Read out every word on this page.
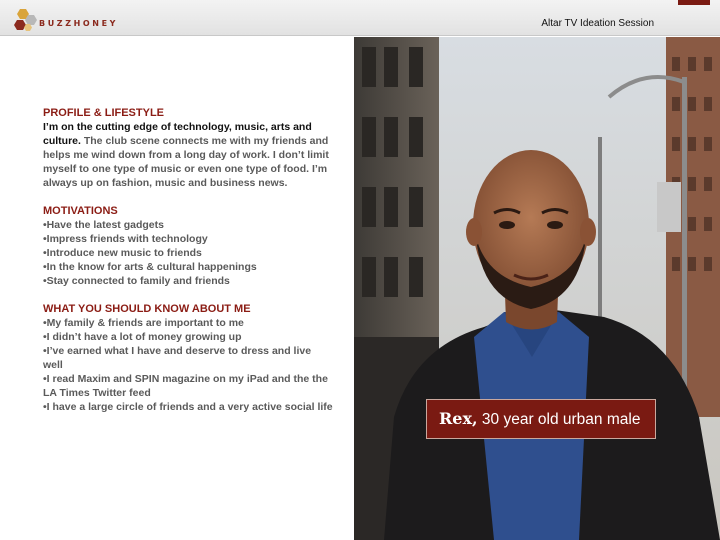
BUZZHONEY	Altar TV Ideation Session
PROFILE & LIFESTYLE

I’m on the cutting edge of technology, music, arts and culture. The club scene connects me with my friends and helps me wind down from a long day of work. I don’t limit myself to one type of music or even one type of food. I’m always up on fashion, music and business news.

MOTIVATIONS
•Have the latest gadgets
•Impress friends with technology
•Introduce new music to friends
•In the know for arts & cultural happenings
•Stay connected to family and friends
WHAT YOU SHOULD KNOW ABOUT ME
•My family & friends are important to me
•I didn’t have a lot of money growing up
•I’ve earned what I have and deserve to dress and live well
•I read Maxim and SPIN magazine on my iPad and the the LA Times Twitter feed
•I have a large circle of friends and a very active social life
Rex, 30 year old urban male
